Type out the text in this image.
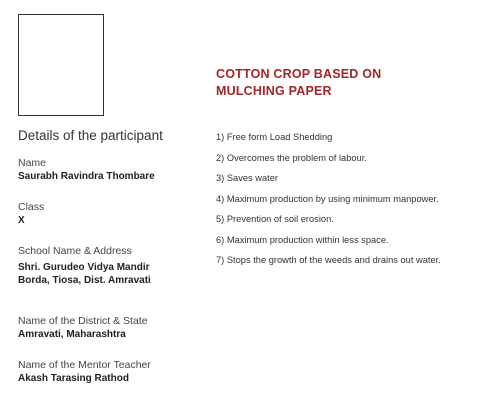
COTTON CROP BASED ON
MULCHING PAPER
Details of the participant
Name
Saurabh Ravindra Thombare
Class
X
School Name & Address
Shri. Gurudeo Vidya Mandir
Borda, Tiosa, Dist. Amravati
Name of the District & State
Amravati, Maharashtra
Name of the Mentor Teacher
Akash Tarasing Rathod
1) Free form Load Shedding
2) Overcomes the problem of labour.
3) Saves water
4) Maximum production by using minimum manpower.
5) Prevention of soil erosion.
6) Maximum production within less space.
7) Stops the growth of the weeds and drains out water.
